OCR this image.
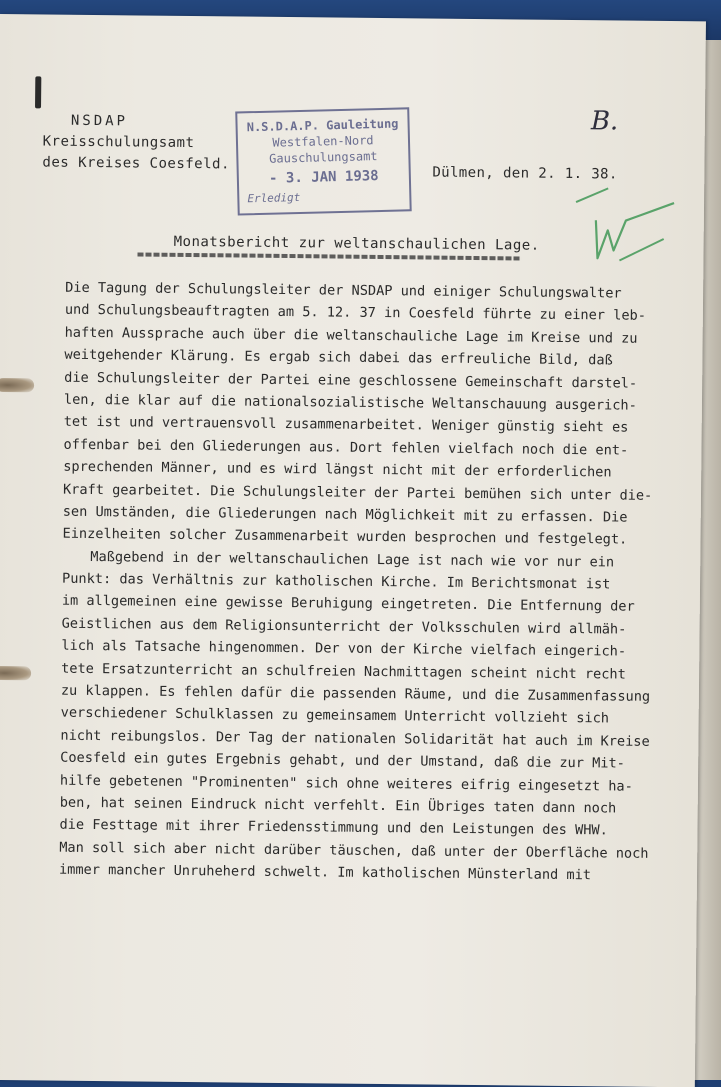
NSDAP
Kreisschulungsamt
des Kreises Coesfeld.
N.S.D.A.P. Gauleitung
Westfalen-Nord
Gauschulungsamt
- 3. JAN 1938
Erledigt
B.
Dülmen, den 2. 1. 38.
Monatsbericht zur weltanschaulichen Lage.
Die Tagung der Schulungsleiter der NSDAP und einiger Schulungswalter
und Schulungsbeauftragten am 5. 12. 37 in Coesfeld führte zu einer leb-
haften Aussprache auch über die weltanschauliche Lage im Kreise und zu
weitgehender Klärung. Es ergab sich dabei das erfreuliche Bild, daß
die Schulungsleiter der Partei eine geschlossene Gemeinschaft darstel-
len, die klar auf die nationalsozialistische Weltanschauung ausgerich-
tet ist und vertrauensvoll zusammenarbeitet. Weniger günstig sieht es
offenbar bei den Gliederungen aus. Dort fehlen vielfach noch die ent-
sprechenden Männer, und es wird längst nicht mit der erforderlichen
Kraft gearbeitet. Die Schulungsleiter der Partei bemühen sich unter die-
sen Umständen, die Gliederungen nach Möglichkeit mit zu erfassen. Die
Einzelheiten solcher Zusammenarbeit wurden besprochen und festgelegt.
Maßgebend in der weltanschaulichen Lage ist nach wie vor nur ein
Punkt: das Verhältnis zur katholischen Kirche. Im Berichtsmonat ist
im allgemeinen eine gewisse Beruhigung eingetreten. Die Entfernung der
Geistlichen aus dem Religionsunterricht der Volksschulen wird allmäh-
lich als Tatsache hingenommen. Der von der Kirche vielfach eingerich-
tete Ersatzunterricht an schulfreien Nachmittagen scheint nicht recht
zu klappen. Es fehlen dafür die passenden Räume, und die Zusammenfassung
verschiedener Schulklassen zu gemeinsamem Unterricht vollzieht sich
nicht reibungslos. Der Tag der nationalen Solidarität hat auch im Kreise
Coesfeld ein gutes Ergebnis gehabt, und der Umstand, daß die zur Mit-
hilfe gebetenen "Prominenten" sich ohne weiteres eifrig eingesetzt ha-
ben, hat seinen Eindruck nicht verfehlt. Ein Übriges taten dann noch
die Festtage mit ihrer Friedensstimmung und den Leistungen des WHW.
Man soll sich aber nicht darüber täuschen, daß unter der Oberfläche noch
immer mancher Unruheherd schwelt. Im katholischen Münsterland mit
